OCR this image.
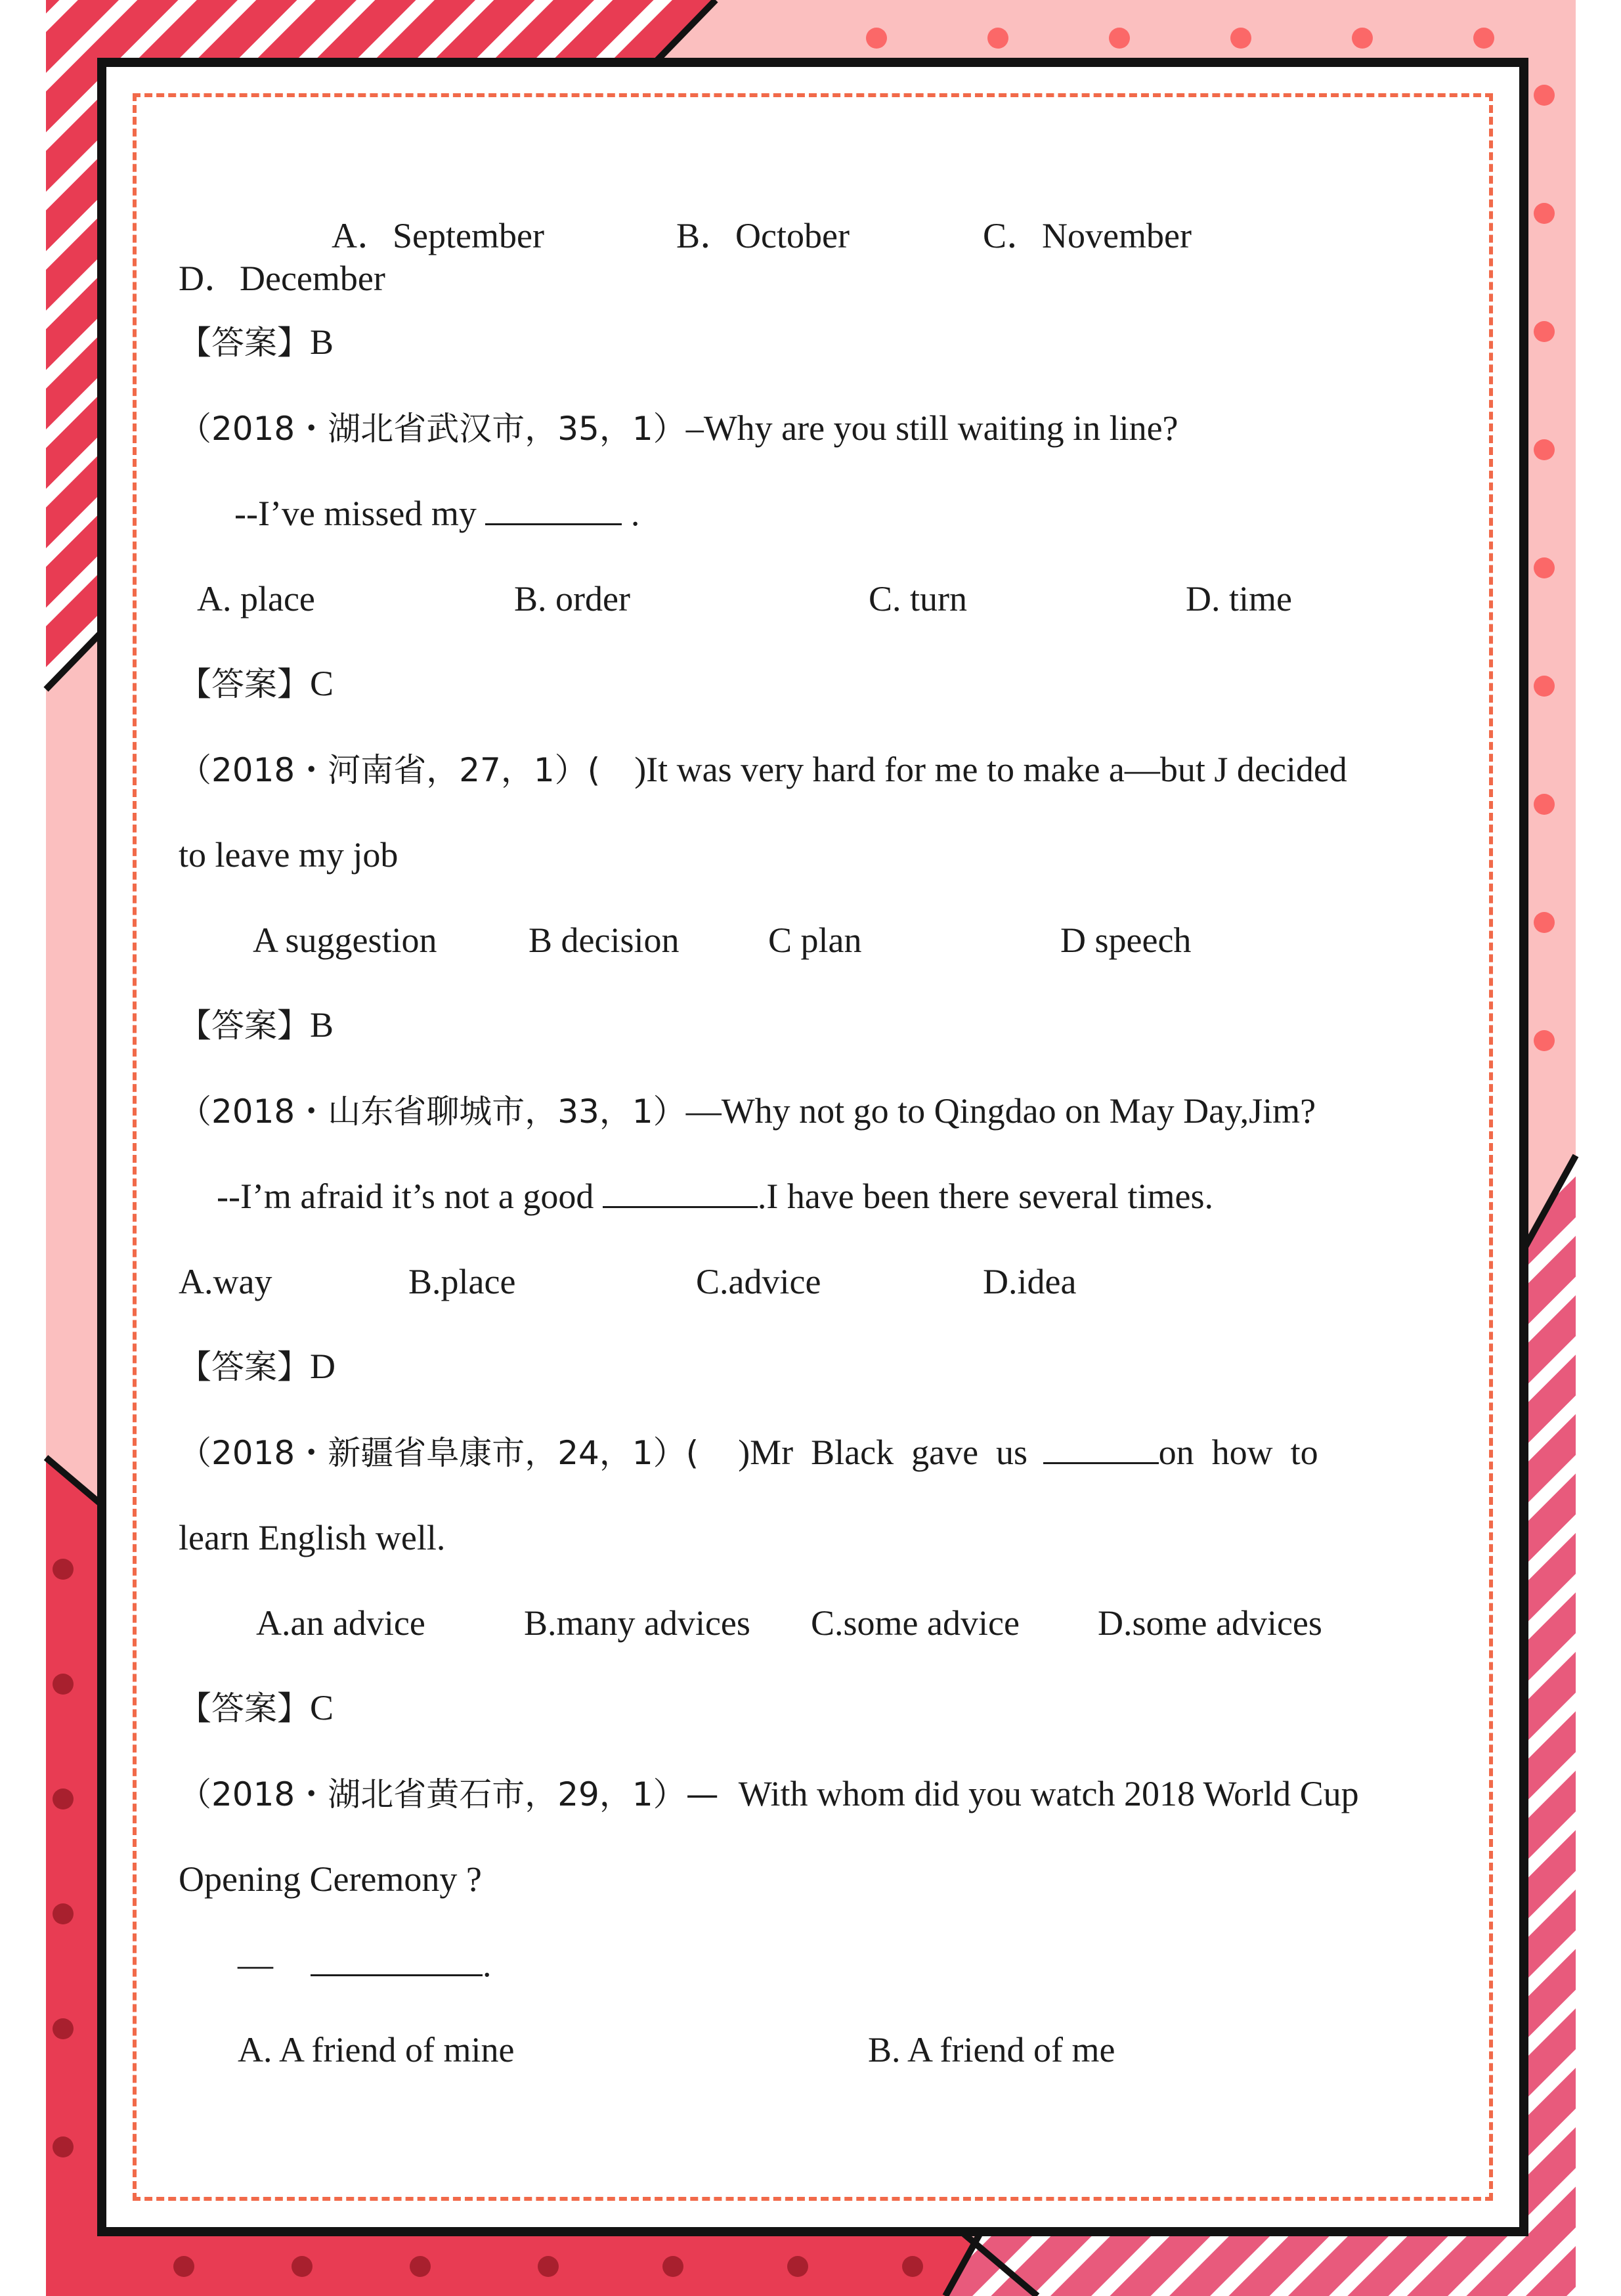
A．September	B．October	C．November
D．December
【答案】B
（2018・湖北省武汉市，35，1）–Why are you still waiting in line?
--I’ve missed my	.
A. place	B. order	C. turn	D. time
【答案】C
（2018・河南省，27，1）( )It was very hard for me to make a—but J decided
to leave my job
A suggestion	B decision	C plan	D speech
【答案】B
（2018・山东省聊城市，33，1）—Why not go to Qingdao on May Day,Jim?
--I’m afraid it’s not a good	.I have been there several times.
A.way	B.place	C.advice	D.idea
【答案】D
（2018・新疆省阜康市，24，1）( )Mr  Black  gave  us	on  how  to
learn English well.
A.an advice	B.many advices C.some advice D.some advices
【答案】C
（2018・湖北省黄石市，29，1）— With whom did you watch 2018 World Cup
Opening Ceremony ?
—	.
A. A friend of mine	B. A friend of me
